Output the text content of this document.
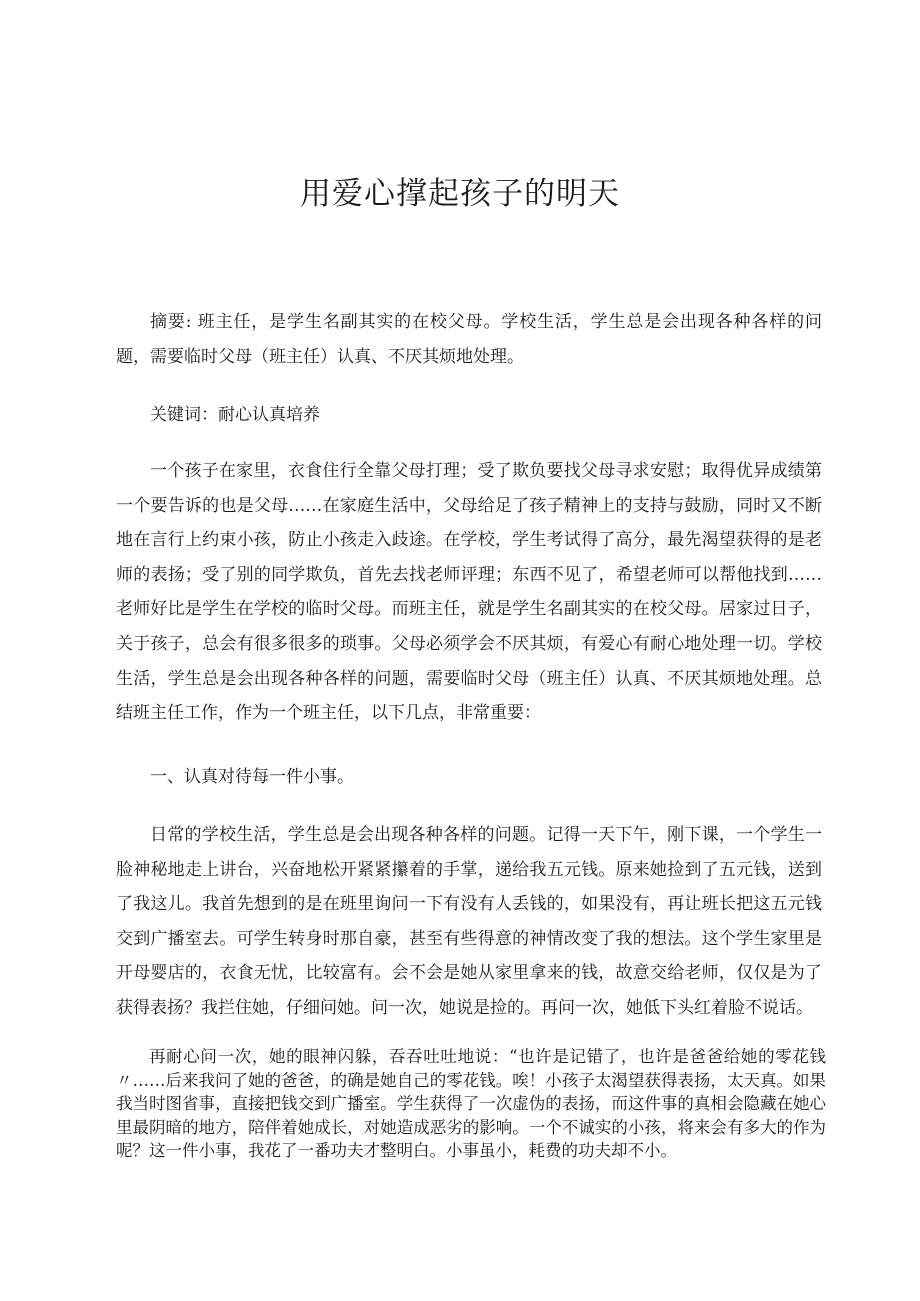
用爱心撑起孩子的明天

摘要: 班主任，是学生名副其实的在校父母。学校生活，学生总是会出现各种各样的问题，需要临时父母（班主任）认真、不厌其烦地处理。

关键词：耐心认真培养

一个孩子在家里，衣食住行全靠父母打理；受了欺负要找父母寻求安慰；取得优异成绩第一个要告诉的也是父母……在家庭生活中，父母给足了孩子精神上的支持与鼓励，同时又不断地在言行上约束小孩，防止小孩走入歧途。在学校，学生考试得了高分，最先渴望获得的是老师的表扬；受了别的同学欺负，首先去找老师评理；东西不见了，希望老师可以帮他找到……老师好比是学生在学校的临时父母。而班主任，就是学生名副其实的在校父母。居家过日子，关于孩子，总会有很多很多的琐事。父母必须学会不厌其烦，有爱心有耐心地处理一切。学校生活，学生总是会出现各种各样的问题，需要临时父母（班主任）认真、不厌其烦地处理。总结班主任工作，作为一个班主任，以下几点，非常重要：

一、认真对待每一件小事。

日常的学校生活，学生总是会出现各种各样的问题。记得一天下午，刚下课，一个学生一脸神秘地走上讲台，兴奋地松开紧紧攥着的手掌，递给我五元钱。原来她捡到了五元钱，送到了我这儿。我首先想到的是在班里询问一下有没有人丢钱的，如果没有，再让班长把这五元钱交到广播室去。可学生转身时那自豪，甚至有些得意的神情改变了我的想法。这个学生家里是开母婴店的，衣食无忧，比较富有。会不会是她从家里拿来的钱，故意交给老师，仅仅是为了获得表扬？我拦住她，仔细问她。问一次，她说是捡的。再问一次，她低下头红着脸不说话。

再耐心问一次，她的眼神闪躲，吞吞吐吐地说：“也许是记错了，也许是爸爸给她的零花钱〃……后来我问了她的爸爸，的确是她自己的零花钱。唉！小孩子太渴望获得表扬，太天真。如果我当时图省事，直接把钱交到广播室。学生获得了一次虚伪的表扬，而这件事的真相会隐藏在她心里最阴暗的地方，陪伴着她成长，对她造成恶劣的影响。一个不诚实的小孩，将来会有多大的作为呢？这一件小事，我花了一番功夫才整明白。小事虽小，耗费的功夫却不小。
